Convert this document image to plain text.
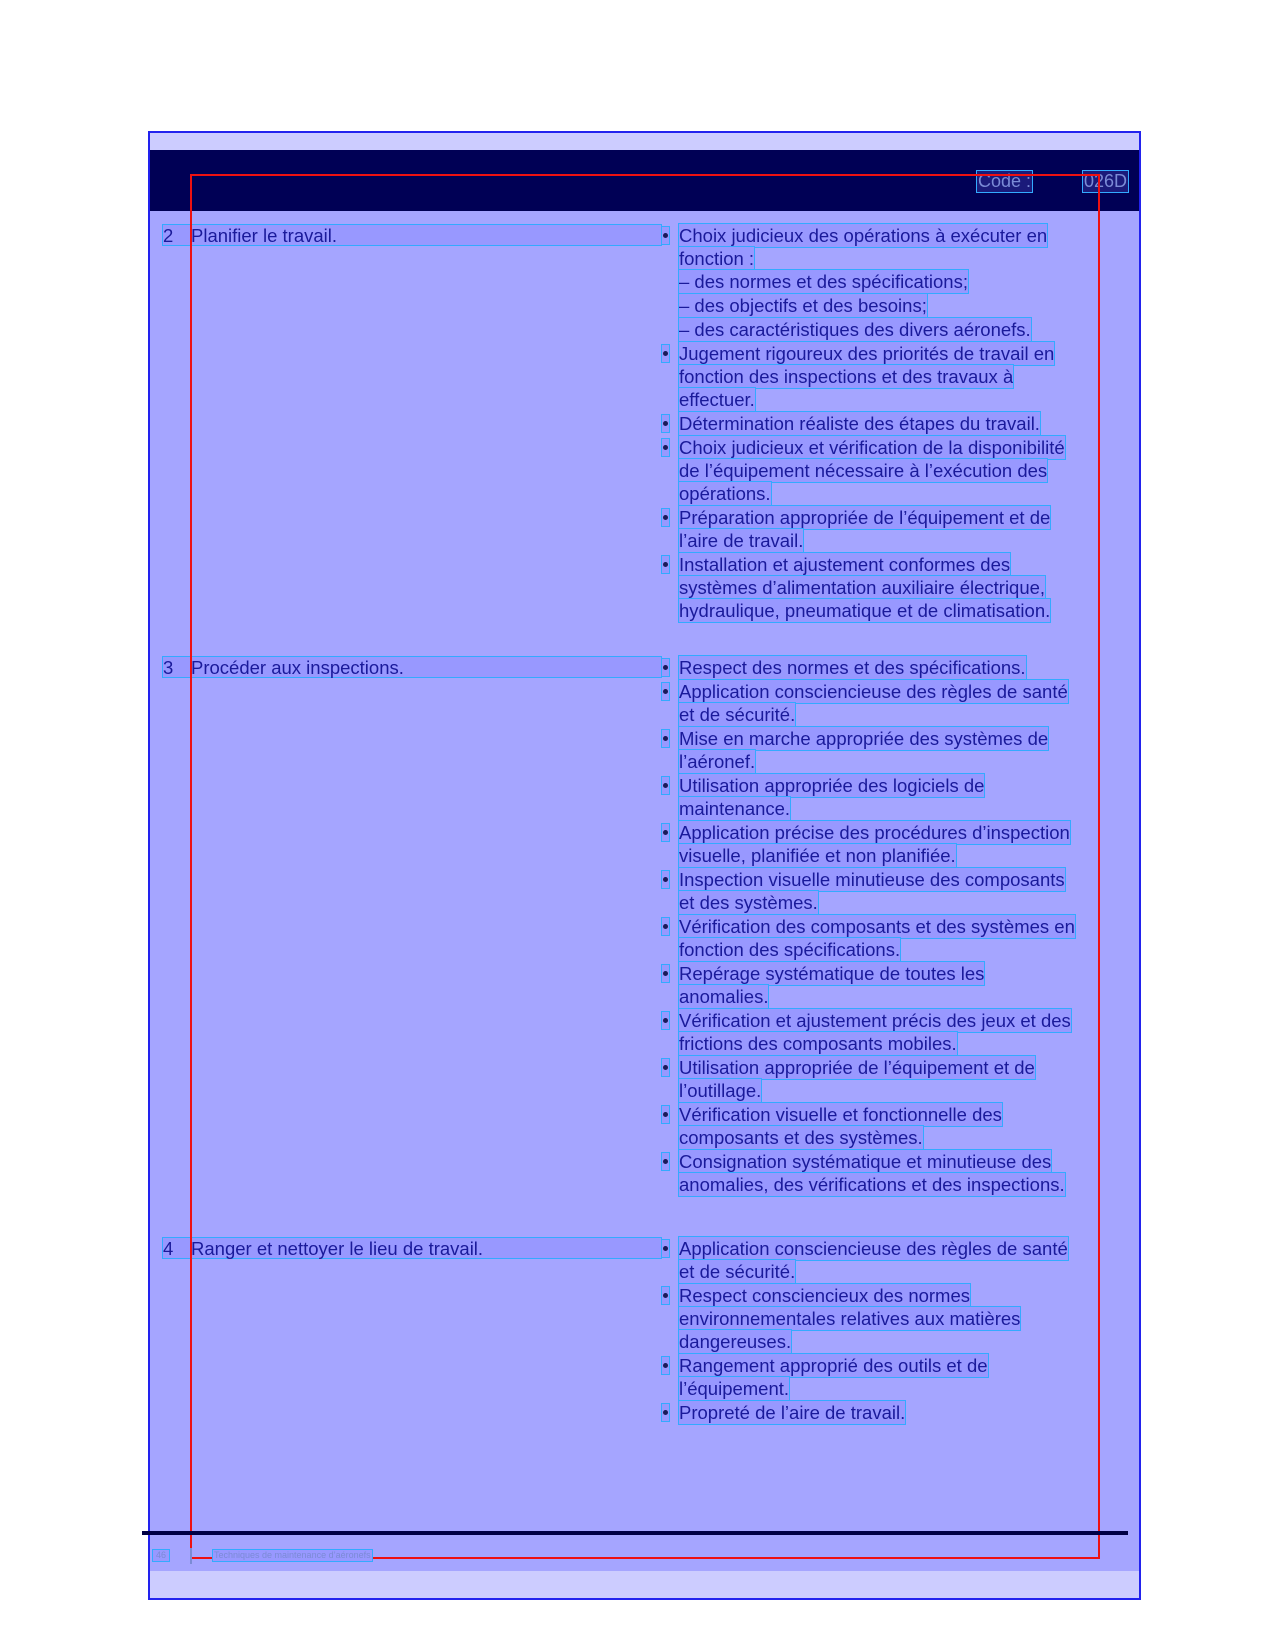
Code :	026D
2 Planifier le travail.	Choix judicieux des opérations à exécuter en
fonction :
– des normes et des spécifications;
– des objectifs et des besoins;
– des caractéristiques des divers aéronefs.
Jugement rigoureux des priorités de travail en
fonction des inspections et des travaux à
effectuer.
Détermination réaliste des étapes du travail.
Choix judicieux et vérification de la disponibilité
de l’équipement nécessaire à l’exécution des
opérations.
Préparation appropriée de l’équipement et de
l’aire de travail.
Installation et ajustement conformes des
systèmes d’alimentation auxiliaire électrique,
hydraulique, pneumatique et de climatisation.
3 Procéder aux inspections.	Respect des normes et des spécifications.
Application consciencieuse des règles de santé
et de sécurité.
Mise en marche appropriée des systèmes de
l’aéronef.
Utilisation appropriée des logiciels de
maintenance.
Application précise des procédures d’inspection
visuelle, planifiée et non planifiée.
Inspection visuelle minutieuse des composants
et des systèmes.
Vérification des composants et des systèmes en
fonction des spécifications.
Repérage systématique de toutes les
anomalies.
Vérification et ajustement précis des jeux et des
frictions des composants mobiles.
Utilisation appropriée de l’équipement et de
l’outillage.
Vérification visuelle et fonctionnelle des
composants et des systèmes.
Consignation systématique et minutieuse des
anomalies, des vérifications et des inspections.
4 Ranger et nettoyer le lieu de travail.	Application consciencieuse des règles de santé
et de sécurité.
Respect consciencieux des normes
environnementales relatives aux matières
dangereuses.
Rangement approprié des outils et de
l’équipement.
Propreté de l’aire de travail.
46	Techniques de maintenance d’aéronefs
